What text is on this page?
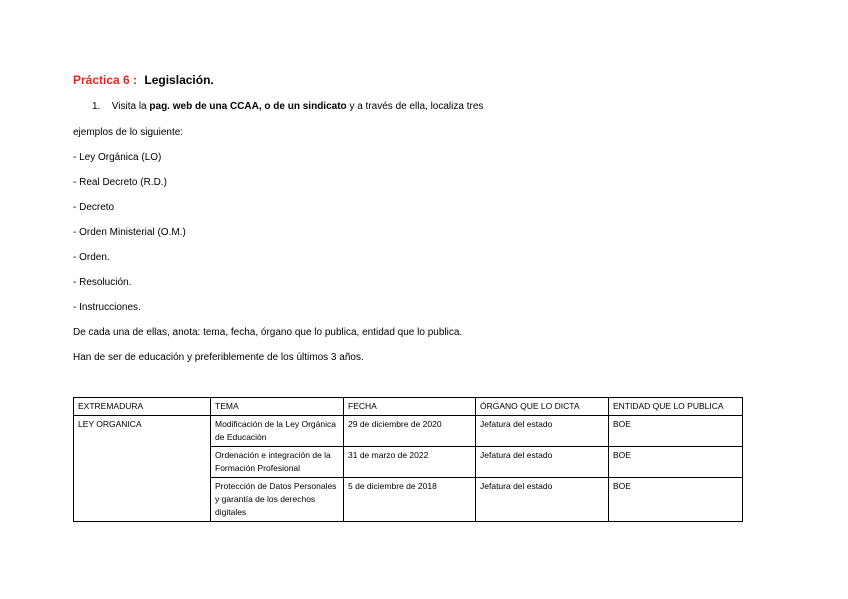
Práctica 6 : Legislación.
1. Visita la pag. web de una CCAA, o de un sindicato y a través de ella, localiza tres
ejemplos de lo siguiente:
- Ley Orgánica (LO)
- Real Decreto (R.D.)
- Decreto
- Orden Ministerial (O.M.)
- Orden.
- Resolución.
- Instrucciones.
De cada una de ellas, anota: tema, fecha, órgano que lo publica, entidad que lo publica.
Han de ser de educación y preferiblemente de los últimos 3 años.
EXTREMADURA	TEMA	FECHA	ÓRGANO QUE LO DICTA	ENTIDAD QUE LO PUBLICA
LEY ORGANICA	Modificación de la Ley Orgánica de Educación	29 de diciembre de 2020	Jefatura del estado	BOE
	Ordenación e integración de la Formación Profesional	31 de marzo de 2022	Jefatura del estado	BOE
	Protección de Datos Personales y garantía de los derechos digitales	5 de diciembre de 2018	Jefatura del estado	BOE
